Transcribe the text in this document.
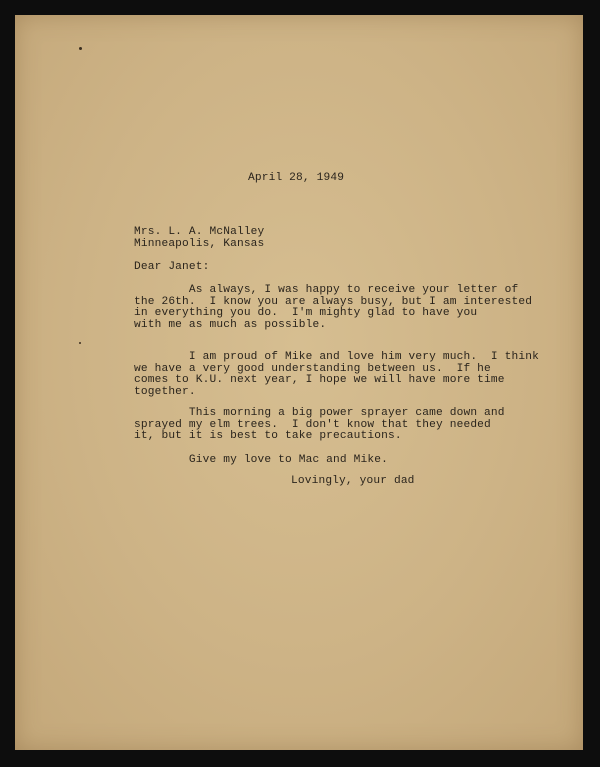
April 28, 1949
Mrs. L. A. McNalley
Minneapolis, Kansas
Dear Janet:
As always, I was happy to receive your letter of
the 26th.  I know you are always busy, but I am interested
in everything you do.  I'm mighty glad to have you
with me as much as possible.
I am proud of Mike and love him very much.  I think
we have a very good understanding between us.  If he
comes to K.U. next year, I hope we will have more time
together.
This morning a big power sprayer came down and
sprayed my elm trees.  I don't know that they needed
it, but it is best to take precautions.
Give my love to Mac and Mike.
Lovingly, your dad
